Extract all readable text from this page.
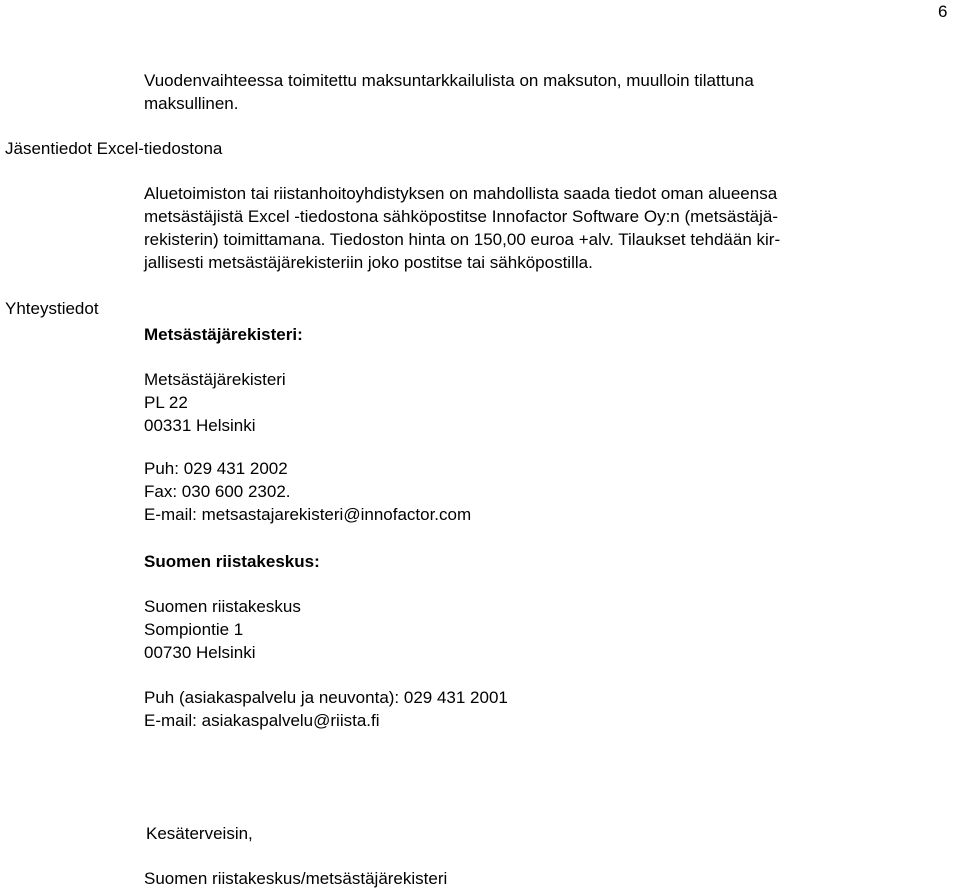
6
Vuodenvaihteessa toimitettu maksuntarkkailulista on maksuton, muulloin tilattuna
maksullinen.
Jäsentiedot Excel-tiedostona
Aluetoimiston tai riistanhoitoyhdistyksen on mahdollista saada tiedot oman alueensa
metsästäjistä Excel -tiedostona sähköpostitse Innofactor Software Oy:n (metsästäjä-
rekisterin) toimittamana. Tiedoston hinta on 150,00 euroa +alv. Tilaukset tehdään kir-
jallisesti metsästäjärekisteriin joko postitse tai sähköpostilla.
Yhteystiedot
Metsästäjärekisteri:
Metsästäjärekisteri
PL 22
00331 Helsinki
Puh: 029 431 2002
Fax: 030 600 2302.
E-mail: metsastajarekisteri@innofactor.com
Suomen riistakeskus:
Suomen riistakeskus
Sompiontie 1
00730 Helsinki
Puh (asiakaspalvelu ja neuvonta): 029 431 2001
E-mail: asiakaspalvelu@riista.fi
Kesäterveisin,
Suomen riistakeskus/metsästäjärekisteri
